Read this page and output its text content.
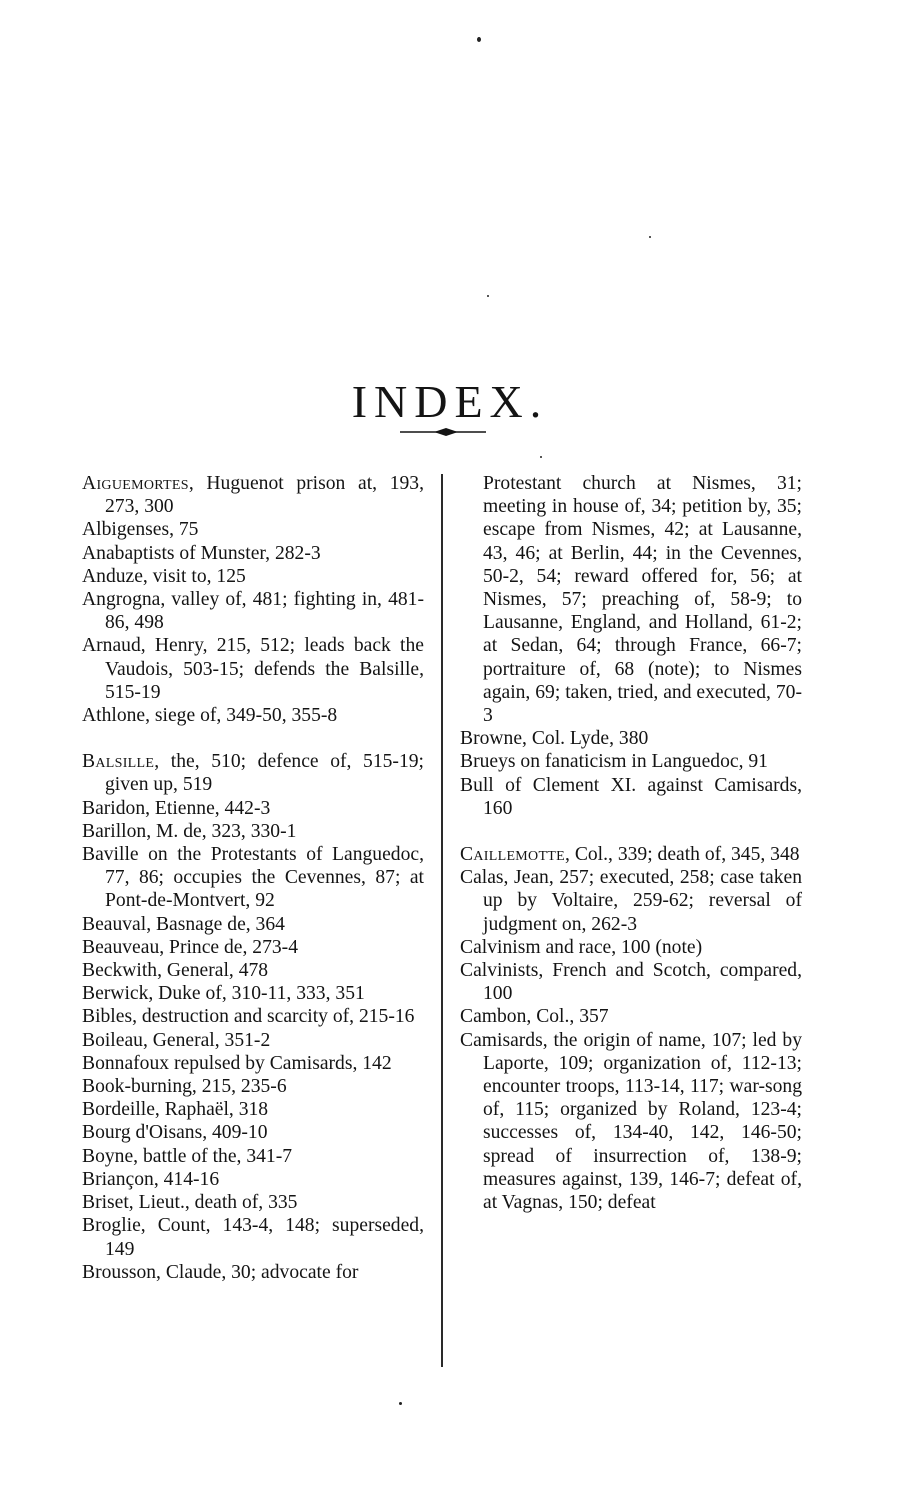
INDEX.

Aiguemortes, Huguenot prison at, 193, 273, 300

Albigenses, 75

Anabaptists of Munster, 282-3

Anduze, visit to, 125

Angrogna, valley of, 481; fighting in, 481-86, 498

Arnaud, Henry, 215, 512; leads back the Vaudois, 503-15; defends the Balsille, 515-19

Athlone, siege of, 349-50, 355-8

Balsille, the, 510; defence of, 515-19; given up, 519

Baridon, Etienne, 442-3

Barillon, M. de, 323, 330-1

Baville on the Protestants of Languedoc, 77, 86; occupies the Cevennes, 87; at Pont-de-Montvert, 92

Beauval, Basnage de, 364

Beauveau, Prince de, 273-4

Beckwith, General, 478

Berwick, Duke of, 310-11, 333, 351

Bibles, destruction and scarcity of, 215-16

Boileau, General, 351-2

Bonnafoux repulsed by Camisards, 142

Book-burning, 215, 235-6

Bordeille, Raphaël, 318

Bourg d'Oisans, 409-10

Boyne, battle of the, 341-7

Briançon, 414-16

Briset, Lieut., death of, 335

Broglie, Count, 143-4, 148; superseded, 149

Brousson, Claude, 30; advocate for

Protestant church at Nismes, 31; meeting in house of, 34; petition by, 35; escape from Nismes, 42; at Lausanne, 43, 46; at Berlin, 44; in the Cevennes, 50-2, 54; reward offered for, 56; at Nismes, 57; preaching of, 58-9; to Lausanne, England, and Holland, 61-2; at Sedan, 64; through France, 66-7; portraiture of, 68 (note); to Nismes again, 69; taken, tried, and executed, 70-3

Browne, Col. Lyde, 380

Brueys on fanaticism in Languedoc, 91

Bull of Clement XI. against Camisards, 160

Caillemotte, Col., 339; death of, 345, 348

Calas, Jean, 257; executed, 258; case taken up by Voltaire, 259-62; reversal of judgment on, 262-3

Calvinism and race, 100 (note)

Calvinists, French and Scotch, compared, 100

Cambon, Col., 357

Camisards, the origin of name, 107; led by Laporte, 109; organization of, 112-13; encounter troops, 113-14, 117; war-song of, 115; organized by Roland, 123-4; successes of, 134-40, 142, 146-50; spread of insurrection of, 138-9; measures against, 139, 146-7; defeat of, at Vagnas, 150; defeat
